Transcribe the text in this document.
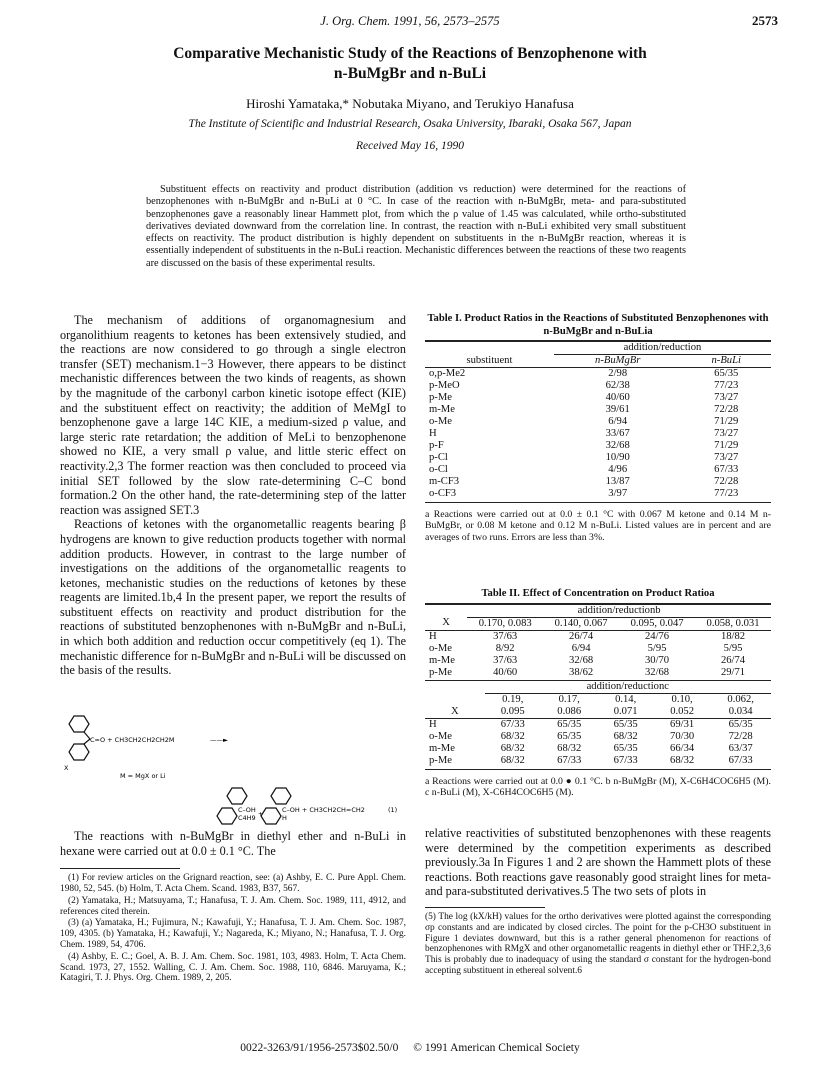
J. Org. Chem. 1991, 56, 2573–2575	2573
Comparative Mechanistic Study of the Reactions of Benzophenone with
n-BuMgBr and n-BuLi
Hiroshi Yamataka,* Nobutaka Miyano, and Terukiyo Hanafusa
The Institute of Scientific and Industrial Research, Osaka University, Ibaraki, Osaka 567, Japan
Received May 16, 1990

Substituent effects on reactivity and product distribution (addition vs reduction) were determined for the reactions of benzophenones with n-BuMgBr and n-BuLi at 0 °C. In case of the reaction with n-BuMgBr, meta- and para-substituted benzophenones gave a reasonably linear Hammett plot, from which the ρ value of 1.45 was calculated, while ortho-substituted derivatives deviated downward from the correlation line. In contrast, the reaction with n-BuLi exhibited very small substituent effects on reactivity. The product distribution is highly dependent on substituents in the n-BuMgBr reaction, whereas it is essentially independent of substituents in the n-BuLi reaction. Mechanistic differences between the reactions of these two reagents are discussed on the basis of these experimental results.

The mechanism of additions of organomagnesium and organolithium reagents to ketones has been extensively studied, and the reactions are now considered to go through a single electron transfer (SET) mechanism.1−3 However, there appears to be distinct mechanistic differences between the two kinds of reagents, as shown by the magnitude of the carbonyl carbon kinetic isotope effect (KIE) and the substituent effect on reactivity; the addition of MeMgI to benzophenone gave a large 14C KIE, a medium-sized ρ value, and large steric rate retardation; the addition of MeLi to benzophenone showed no KIE, a very small ρ value, and little steric effect on reactivity.2,3 The former reaction was then concluded to proceed via initial SET followed by the slow rate-determining C–C bond formation.2 On the other hand, the rate-determining step of the latter reaction was assigned SET.3

Reactions of ketones with the organometallic reagents bearing β hydrogens are known to give reduction products together with normal addition products. However, in contrast to the large number of investigations on the additions of the organometallic reagents to ketones, mechanistic studies on the reductions of ketones by these reagents are limited.1b,4 In the present paper, we report the results of substituent effects on reactivity and product distribution for the reactions of substituted benzophenones with n-BuMgBr and n-BuLi, in which both addition and reduction occur competitively (eq 1). The mechanistic difference for n-BuMgBr and n-BuLi will be discussed on the basis of the results.

C=O + CH3CH2CH2CH2M	——►
X
M = MgX or Li
C–OH
C4H9 +	C–OH + CH3CH2CH=CH2
H
(1)

The reactions with n-BuMgBr in diethyl ether and n-BuLi in hexane were carried out at 0.0 ± 0.1 °C. The

(1) For review articles on the Grignard reaction, see: (a) Ashby, E. C. Pure Appl. Chem. 1980, 52, 545. (b) Holm, T. Acta Chem. Scand. 1983, B37, 567.

(2) Yamataka, H.; Matsuyama, T.; Hanafusa, T. J. Am. Chem. Soc. 1989, 111, 4912, and references cited therein.

(3) (a) Yamataka, H.; Fujimura, N.; Kawafuji, Y.; Hanafusa, T. J. Am. Chem. Soc. 1987, 109, 4305. (b) Yamataka, H.; Kawafuji, Y.; Nagareda, K.; Miyano, N.; Hanafusa, T. J. Org. Chem. 1989, 54, 4706.

(4) Ashby, E. C.; Goel, A. B. J. Am. Chem. Soc. 1981, 103, 4983. Holm, T. Acta Chem. Scand. 1973, 27, 1552. Walling, C. J. Am. Chem. Soc. 1988, 110, 6846. Maruyama, K.; Katagiri, T. J. Phys. Org. Chem. 1989, 2, 205.

Table I. Product Ratios in the Reactions of Substituted Benzophenones with n-BuMgBr and n-BuLia
	addition/reduction	
substituent	n-BuMgBr	n-BuLi
o,p-Me2	2/98	65/35
p-MeO	62/38	77/23
p-Me	40/60	73/27
m-Me	39/61	72/28
o-Me	6/94	71/29
H	33/67	73/27
p-F	32/68	71/29
p-Cl	10/90	73/27
o-Cl	4/96	67/33
m-CF3	13/87	72/28
o-CF3	3/97	77/23
a Reactions were carried out at 0.0 ± 0.1 °C with 0.067 M ketone and 0.14 M n-BuMgBr, or 0.08 M ketone and 0.12 M n-BuLi. Listed values are in percent and are averages of two runs. Errors are less than 3%.
Table II. Effect of Concentration on Product Ratioa
	addition/reductionb			
X	0.170, 0.083	0.140, 0.067	0.095, 0.047	0.058, 0.031
H	37/63	26/74	24/76	18/82
o-Me	8/92	6/94	5/95	5/95
m-Me	37/63	32/68	30/70	26/74
p-Me	40/60	38/62	32/68	29/71
	addition/reductionc				
	0.19,	0.17,	0.14,	0.10,	0.062,
X	0.095	0.086	0.071	0.052	0.034
H	67/33	65/35	65/35	69/31	65/35
o-Me	68/32	65/35	68/32	70/30	72/28
m-Me	68/32	68/32	65/35	66/34	63/37
p-Me	68/32	67/33	67/33	68/32	67/33
a Reactions were carried out at 0.0 ● 0.1 °C. b n-BuMgBr (M), X-C6H4COC6H5 (M). c n-BuLi (M), X-C6H4COC6H5 (M).

relative reactivities of substituted benzophenones with these reagents were determined by the competition experiments as described previously.3a In Figures 1 and 2 are shown the Hammett plots of these reactions. Both reactions gave reasonably good straight lines for meta- and para-substituted derivatives.5 The two sets of plots in

(5) The log (kX/kH) values for the ortho derivatives were plotted against the corresponding σp constants and are indicated by closed circles. The point for the p-CH3O substituent in Figure 1 deviates downward, but this is a rather general phenomenon for reactions of benzophenones with RMgX and other organometallic reagents in diethyl ether or THF.2,3,6 This is probably due to inadequacy of using the standard σ constant for the hydrogen-bond accepting substituent in ethereal solvent.6
0022-3263/91/1956-2573$02.50/0 © 1991 American Chemical Society
